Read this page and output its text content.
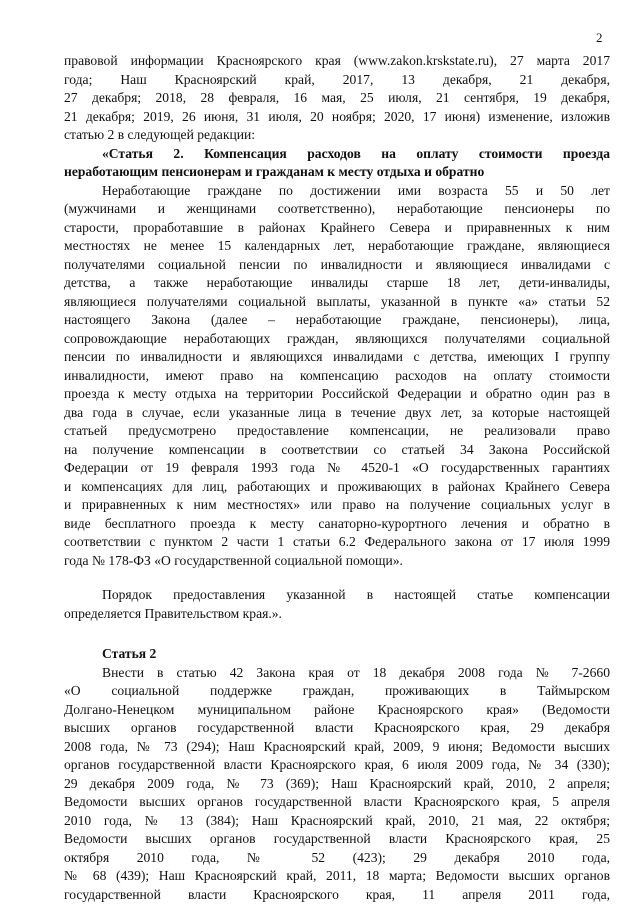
2
правовой информации Красноярского края (www.zakon.krskstate.ru), 27 марта 2017
года; Наш Красноярский край, 2017, 13 декабря, 21 декабря,
27 декабря; 2018, 28 февраля, 16 мая, 25 июля, 21 сентября, 19 декабря,
21 декабря; 2019, 26 июня, 31 июля, 20 ноября; 2020, 17 июня) изменение, изложив
статью 2 в следующей редакции:
«Статья 2. Компенсация расходов на оплату стоимости проезда
неработающим пенсионерам и гражданам к месту отдыха и обратно
Неработающие граждане по достижении ими возраста 55 и 50 лет
(мужчинами и женщинами соответственно), неработающие пенсионеры по
старости, проработавшие в районах Крайнего Севера и приравненных к ним
местностях не менее 15 календарных лет, неработающие граждане, являющиеся
получателями социальной пенсии по инвалидности и являющиеся инвалидами с
детства, а также неработающие инвалиды старше 18 лет, дети-инвалиды,
являющиеся получателями социальной выплаты, указанной в пункте «а» статьи 52
настоящего Закона (далее – неработающие граждане, пенсионеры), лица,
сопровождающие неработающих граждан, являющихся получателями социальной
пенсии по инвалидности и являющихся инвалидами с детства, имеющих I группу
инвалидности, имеют право на компенсацию расходов на оплату стоимости
проезда к месту отдыха на территории Российской Федерации и обратно один раз в
два года в случае, если указанные лица в течение двух лет, за которые настоящей
статьей предусмотрено предоставление компенсации, не реализовали право
на получение компенсации в соответствии со статьей 34 Закона Российской
Федерации от 19 февраля 1993 года № 4520-1 «О государственных гарантиях
и компенсациях для лиц, работающих и проживающих в районах Крайнего Севера
и приравненных к ним местностях» или право на получение социальных услуг в
виде бесплатного проезда к месту санаторно-курортного лечения и обратно в
соответствии с пунктом 2 части 1 статьи 6.2 Федерального закона от 17 июля 1999
года № 178-ФЗ «О государственной социальной помощи».
Порядок предоставления указанной в настоящей статье компенсации
определяется Правительством края.».
Статья 2
Внести в статью 42 Закона края от 18 декабря 2008 года № 7-2660
«О социальной поддержке граждан, проживающих в Таймырском
Долгано-Ненецком муниципальном районе Красноярского края» (Ведомости
высших органов государственной власти Красноярского края, 29 декабря
2008 года, № 73 (294); Наш Красноярский край, 2009, 9 июня; Ведомости высших
органов государственной власти Красноярского края, 6 июля 2009 года, № 34 (330);
29 декабря 2009 года, № 73 (369); Наш Красноярский край, 2010, 2 апреля;
Ведомости высших органов государственной власти Красноярского края, 5 апреля
2010 года, № 13 (384); Наш Красноярский край, 2010, 21 мая, 22 октября;
Ведомости высших органов государственной власти Красноярского края, 25
октября 2010 года, № 52 (423); 29 декабря 2010 года,
№ 68 (439); Наш Красноярский край, 2011, 18 марта; Ведомости высших органов
государственной власти Красноярского края, 11 апреля 2011 года,
